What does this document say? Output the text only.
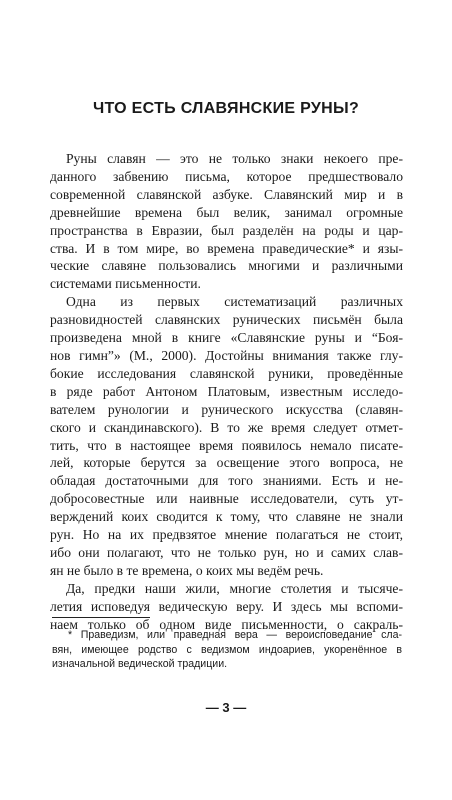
ЧТО ЕСТЬ СЛАВЯНСКИЕ РУНЫ?
Руны славян — это не только знаки некоего пре-
данного забвению письма, которое предшествовало
современной славянской азбуке. Славянский мир и в
древнейшие времена был велик, занимал огромные
пространства в Евразии, был разделён на роды и цар-
ства. И в том мире, во времена праведические* и язы-
ческие славяне пользовались многими и различными
системами письменности.
Одна из первых систематизаций различных
разновидностей славянских рунических письмён была
произведена мной в книге «Славянские руны и “Боя-
нов гимн”» (М., 2000). Достойны внимания также глу-
бокие исследования славянской руники, проведённые
в ряде работ Антоном Платовым, известным исследо-
вателем рунологии и рунического искусства (славян-
ского и скандинавского). В то же время следует отмет-
тить, что в настоящее время появилось немало писате-
лей, которые берутся за освещение этого вопроса, не
обладая достаточными для того знаниями. Есть и не-
добросовестные или наивные исследователи, суть ут-
верждений коих сводится к тому, что славяне не знали
рун. Но на их предвзятое мнение полагаться не стоит,
ибо они полагают, что не только рун, но и самих слав-
ян не было в те времена, о коих мы ведём речь.
Да, предки наши жили, многие столетия и тысяче-
летия исповедуя ведическую веру. И здесь мы вспоми-
наем только об одном виде письменности, о сакраль-
* Праведизм, или праведная вера — вероисповедание сла-
вян, имеющее родство с ведизмом индоариев, укоренённое в
изначальной ведической традиции.
— 3 —
